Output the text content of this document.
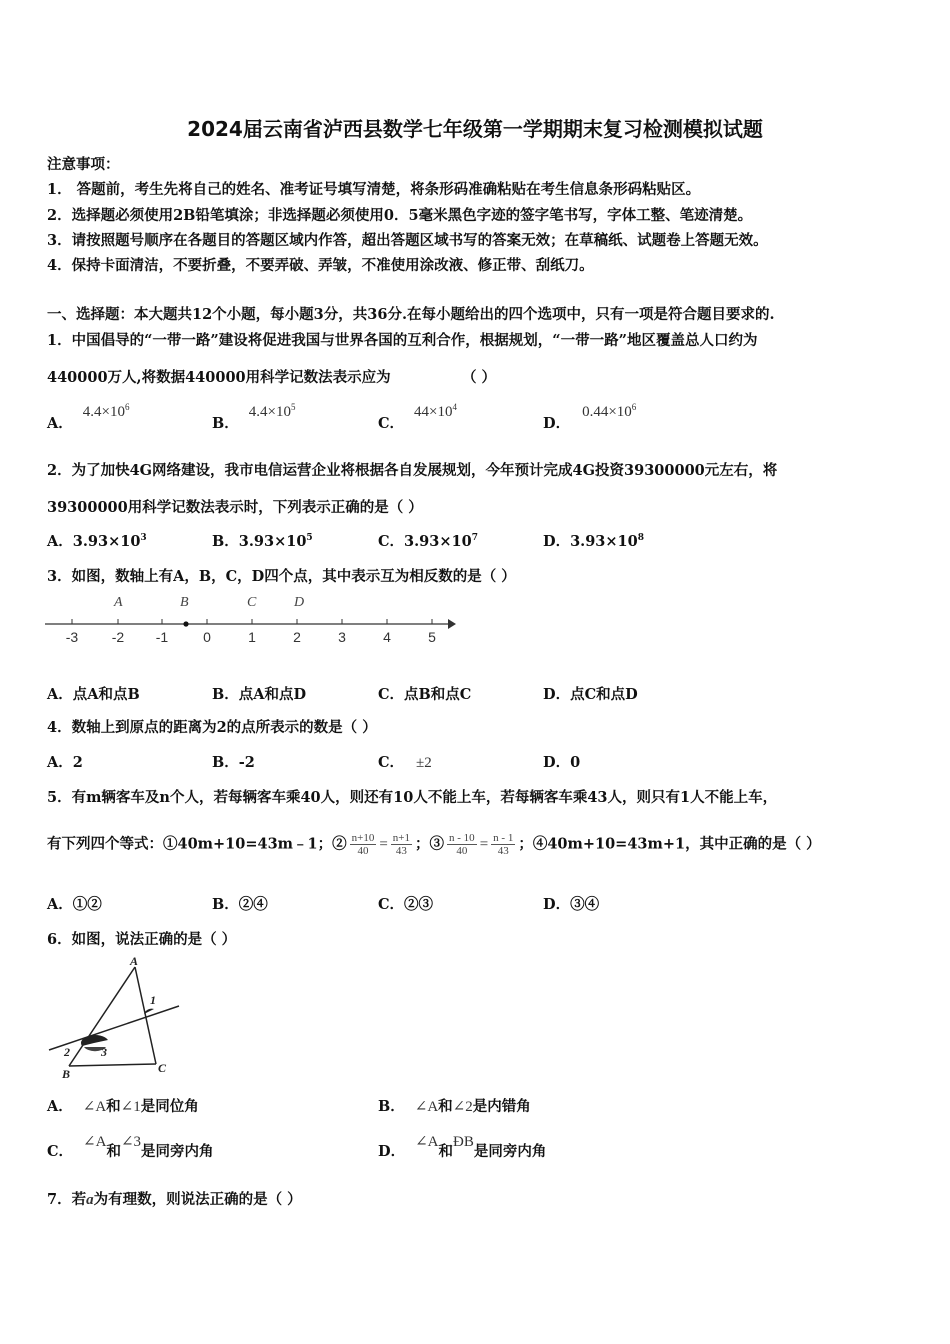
2024届云南省泸西县数学七年级第一学期期末复习检测模拟试题
注意事项：
1． 答题前，考生先将自己的姓名、准考证号填写清楚，将条形码准确粘贴在考生信息条形码粘贴区。
2．选择题必须使用2B铅笔填涂；非选择题必须使用0．5毫米黑色字迹的签字笔书写，字体工整、笔迹清楚。
3．请按照题号顺序在各题目的答题区域内作答，超出答题区域书写的答案无效；在草稿纸、试题卷上答题无效。
4．保持卡面清洁，不要折叠，不要弄破、弄皱，不准使用涂改液、修正带、刮纸刀。
一、选择题：本大题共12个小题，每小题3分，共36分.在每小题给出的四个选项中，只有一项是符合题目要求的.
1．中国倡导的“一带一路”建设将促进我国与世界各国的互利合作，根据规划，“一带一路”地区覆盖总人口约为
440000万人,将数据440000用科学记数法表示应为	（ ）
A．$4.4\times 10^6$
B．$4.4\times 10^5$
C．$44\times 10^4$
D．$0.44\times 10^6$
2．为了加快4G网络建设，我市电信运营企业将根据各自发展规划，今年预计完成4G投资39300000元左右，将
39300000用科学记数法表示时，下列表示正确的是（ ）
A．$3.93\times 10^3$	B．$3.93\times 10^5$	C．$3.93\times 10^7$	D．$3.93\times 10^8$
3．如图，数轴上有A，B，C，D四个点，其中表示互为相反数的是（ ）
A	B	C	D
-3 -2 -1 0	1	2	3	4	5
A．点A和点B	B．点A和点D	C．点B和点C	D．点C和点D
4．数轴上到原点的距离为2的点所表示的数是（ ）
A．2	B．-2	C． ±2	D．0
5．有m辆客车及n个人，若每辆客车乘40人，则还有10人不能上车，若每辆客车乘43人，则只有1人不能上车，
有下列四个等式：①40m+10=43m﹣1；② $\frac{n+10}{40} = \frac{n+1}{43}$ ；③ $\frac{n - 10}{40} = \frac{n - 1}{43}$ ；④40m+10=43m+1，其中正确的是（ ）
A．①②	B．②④	C．②③	D．③④
6．如图，说法正确的是（ ）
A
B	C
1
2	3
A． ∠A和∠1是同位角	B． ∠A和∠2是内错角
C．∠A和∠3是同旁内角	D．∠A和ÐB是同旁内角
7．若a为有理数，则说法正确的是（ ）
